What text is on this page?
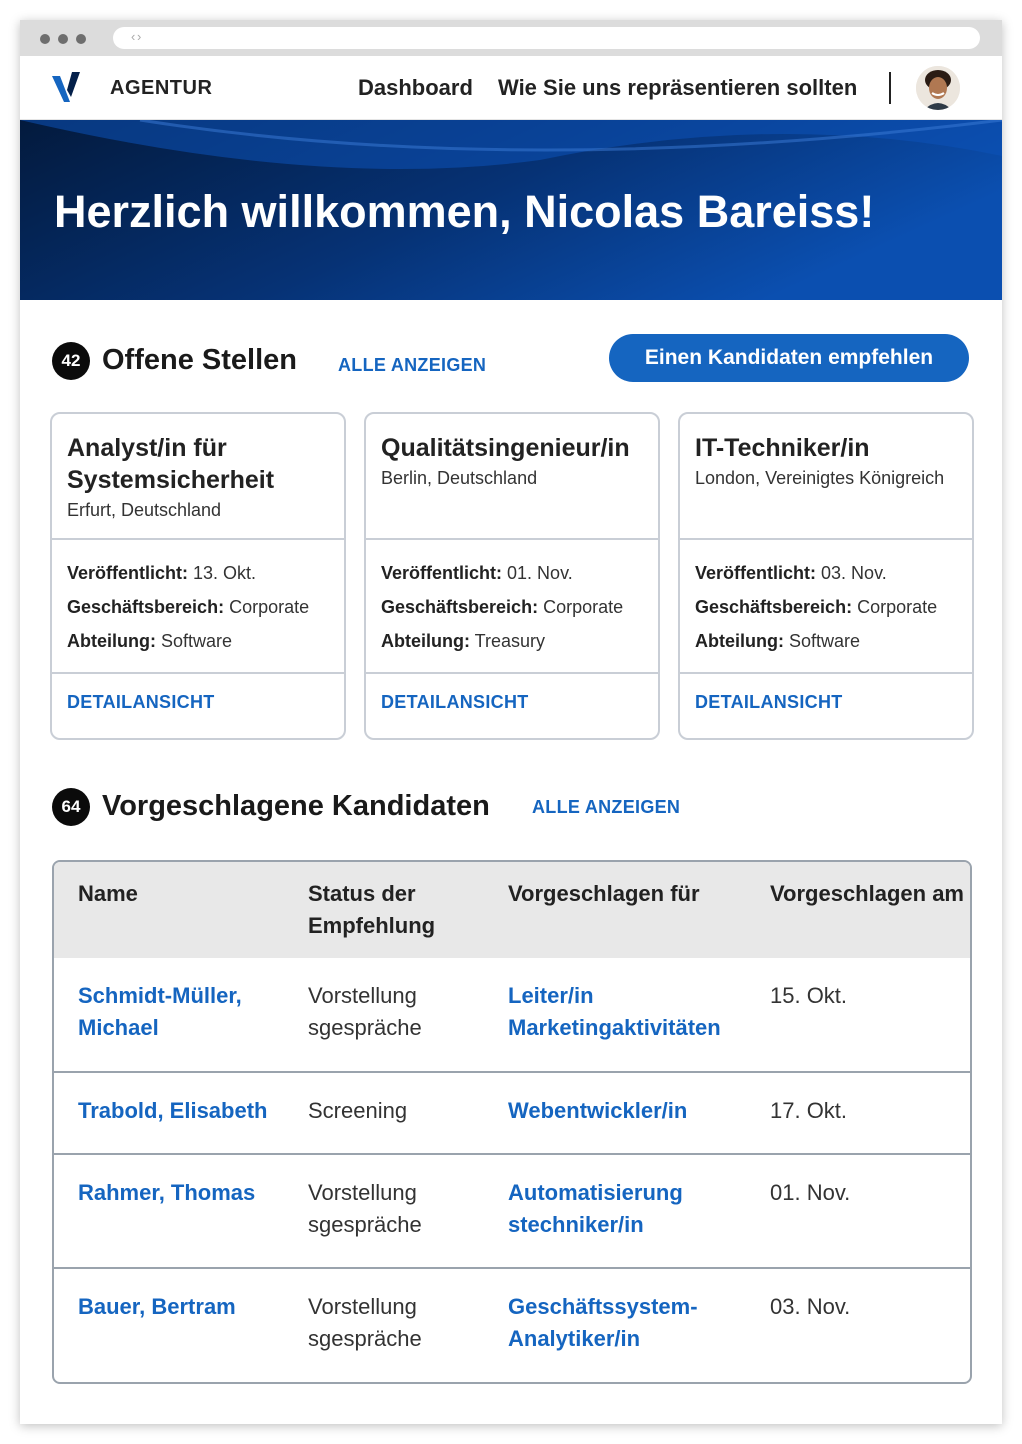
‹ ›
AGENTUR	Dashboard Wie Sie uns repräsentieren sollten
Herzlich willkommen, Nicolas Bareiss!
42 Offene Stellen ALLE ANZEIGEN	Einen Kandidaten empfehlen
Analyst/in für Systemsicherheit
Erfurt, Deutschland
Veröffentlicht: 13. Okt.
Geschäftsbereich: Corporate
Abteilung: Software
DETAILANSICHT
Qualitätsingenieur/in
Berlin, Deutschland
Veröffentlicht: 01. Nov.
Geschäftsbereich: Corporate
Abteilung: Treasury
DETAILANSICHT
IT-Techniker/in
London, Vereinigtes Königreich
Veröffentlicht: 03. Nov.
Geschäftsbereich: Corporate
Abteilung: Software
DETAILANSICHT
64 Vorgeschlagene Kandidaten ALLE ANZEIGEN
Name	Status der Empfehlung	Vorgeschlagen für	Vorgeschlagen am
Schmidt-Müller, Michael	Vorstellung sgespräche	Leiter/in Marketingaktivitäten	15. Okt.
Trabold, Elisabeth	Screening	Webentwickler/in	17. Okt.
Rahmer, Thomas	Vorstellung sgespräche	Automatisierung stechniker/in	01. Nov.
Bauer, Bertram	Vorstellung sgespräche	Geschäftssystem-Analytiker/in	03. Nov.
